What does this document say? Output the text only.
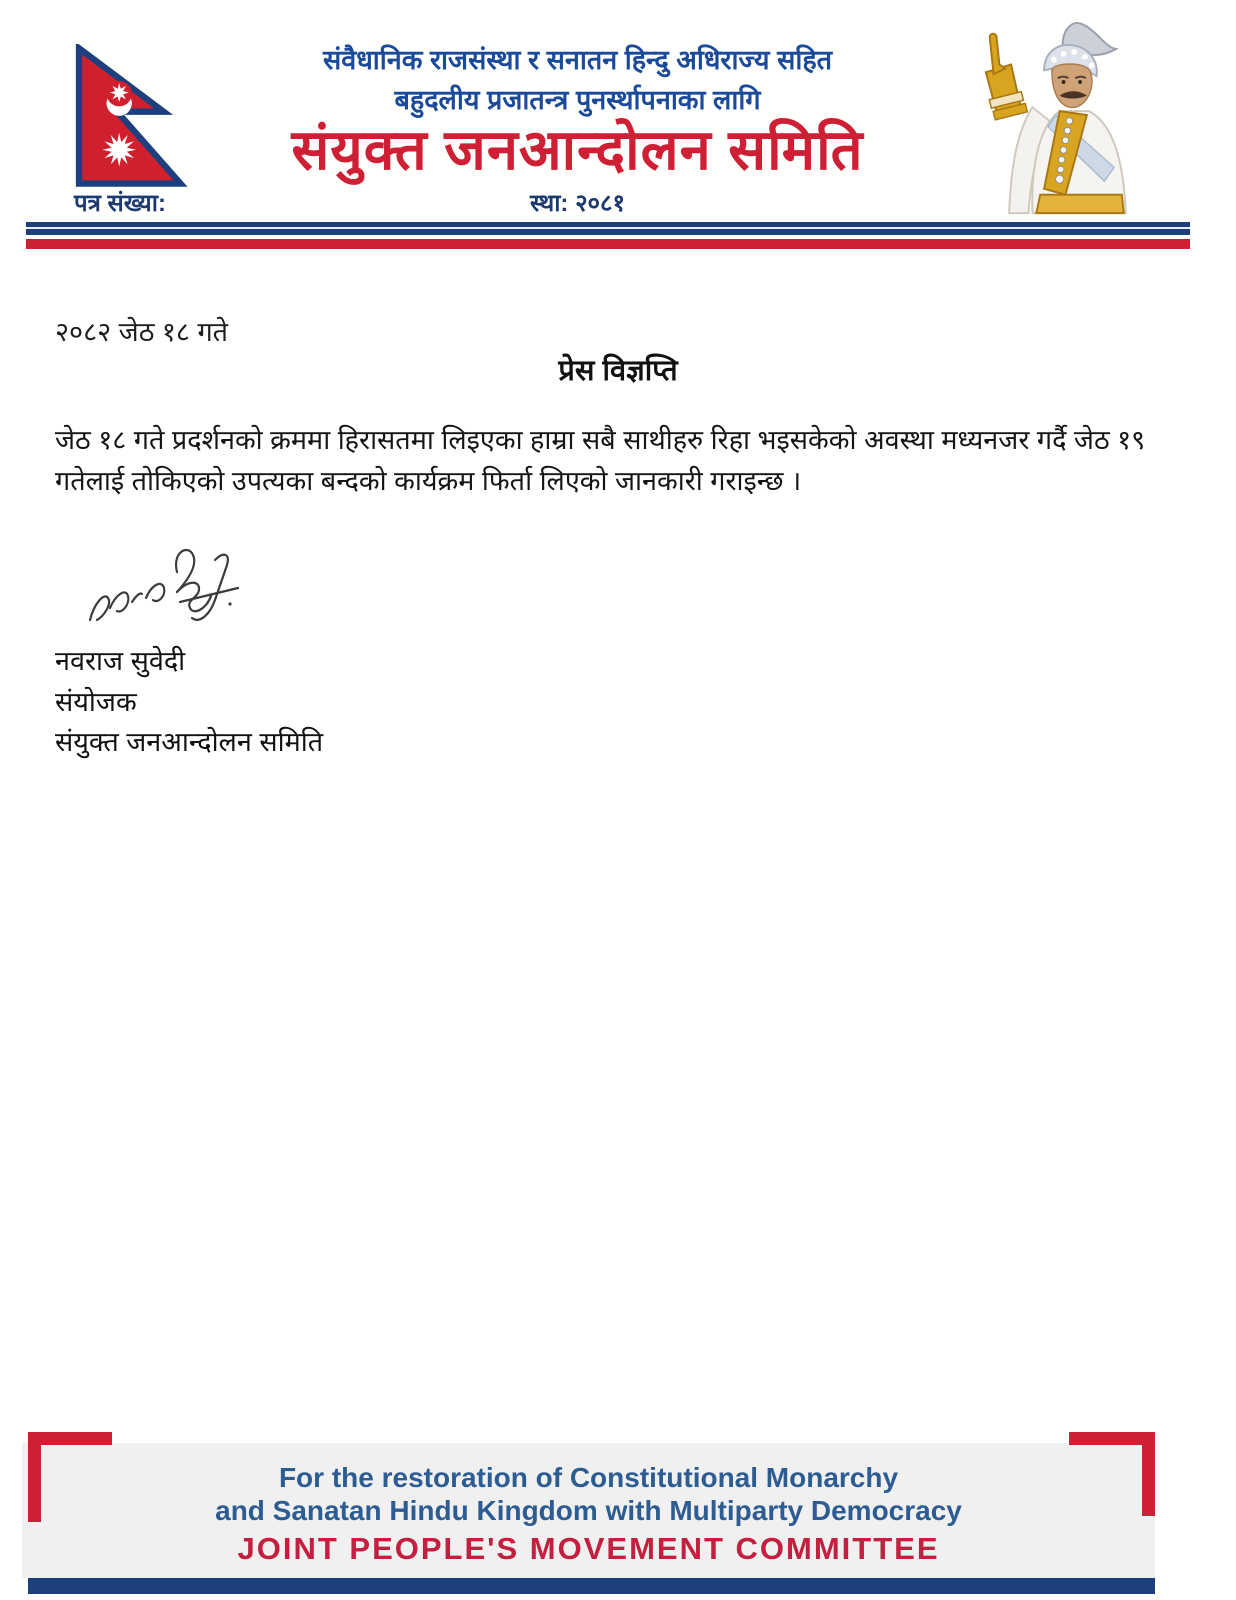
संवैधानिक राजसंस्था र सनातन हिन्दु अधिराज्य सहित
बहुदलीय प्रजातन्त्र पुनर्स्थापनाका लागि
संयुक्त जनआन्दोलन समिति
स्था: २०८१
पत्र संख्या:
२०८२ जेठ १८ गते
प्रेस विज्ञप्ति
जेठ १८ गते प्रदर्शनको क्रममा हिरासतमा लिइएका हाम्रा सबै साथीहरु रिहा भइसकेको अवस्था मध्यनजर गर्दै जेठ १९ गतेलाई तोकिएको उपत्यका बन्दको कार्यक्रम फिर्ता लिएको जानकारी गराइन्छ ।
नवराज सुवेदी
संयोजक
संयुक्त जनआन्दोलन समिति
For the restoration of Constitutional Monarchy
and Sanatan Hindu Kingdom with Multiparty Democracy
JOINT PEOPLE'S MOVEMENT COMMITTEE
